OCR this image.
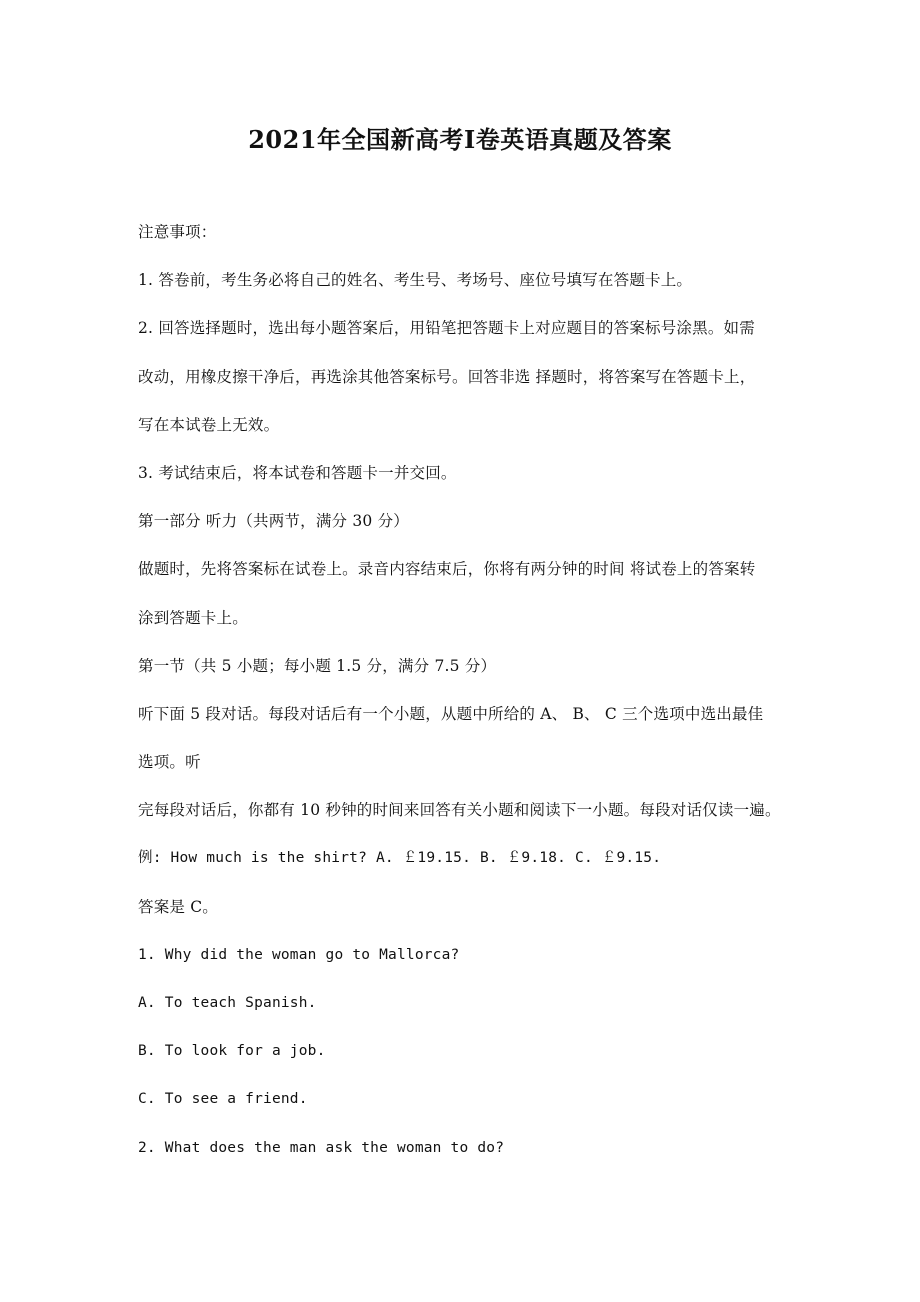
2021年全国新高考Ⅰ卷英语真题及答案
注意事项：
1. 答卷前，考生务必将自己的姓名、考生号、考场号、座位号填写在答题卡上。
2. 回答选择题时，选出每小题答案后，用铅笔把答题卡上对应题目的答案标号涂黑。如需
改动，用橡皮擦干净后，再选涂其他答案标号。回答非选 择题时，将答案写在答题卡上，
写在本试卷上无效。
3. 考试结束后，将本试卷和答题卡一并交回。
第一部分 听力（共两节，满分 30 分）
做题时，先将答案标在试卷上。录音内容结束后，你将有两分钟的时间 将试卷上的答案转
涂到答题卡上。
第一节（共 5 小题；每小题 1.5 分，满分 7.5 分）
听下面 5 段对话。每段对话后有一个小题，从题中所给的 A、 B、 C 三个选项中选出最佳
选项。听
完每段对话后，你都有 10 秒钟的时间来回答有关小题和阅读下一小题。每段对话仅读一遍。
例: How much is the shirt? A. ￡19.15. B. ￡9.18. C. ￡9.15.
答案是 C。
1. Why did the woman go to Mallorca?
A. To teach Spanish.
B. To look for a job.
C. To see a friend.
2. What does the man ask the woman to do?
